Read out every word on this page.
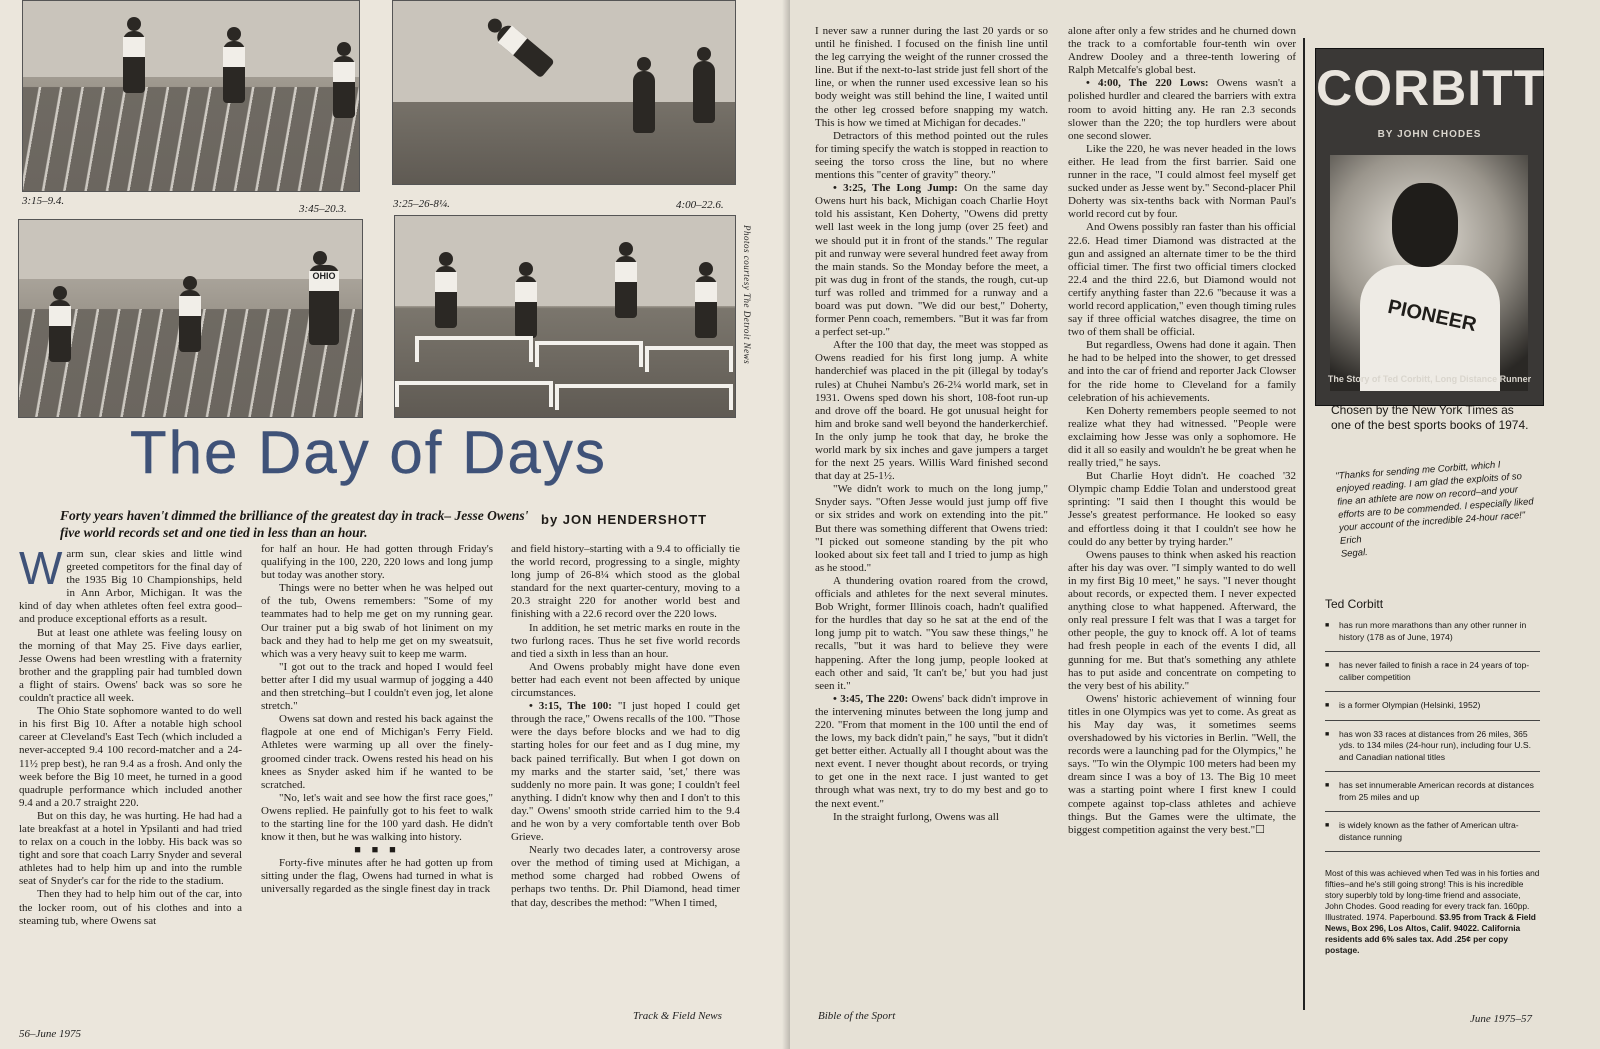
3:15–9.4.
3:45–20.3.	3:25–26-8¼.	4:00–22.6.
OHIO	Photos courtesy The Detroit News
The Day of Days
Forty years haven't dimmed the brilliance of the greatest day in track– Jesse Owens' five world records set and one tied in less than an hour.
by JON HENDERSHOTT

Warm sun, clear skies and little wind greeted competitors for the final day of the 1935 Big 10 Championships, held in Ann Arbor, Michigan. It was the kind of day when athletes often feel extra good–and produce exceptional efforts as a result.

But at least one athlete was feeling lousy on the morning of that May 25. Five days earlier, Jesse Owens had been wrestling with a fraternity brother and the grappling pair had tumbled down a flight of stairs. Owens' back was so sore he couldn't practice all week.

The Ohio State sophomore wanted to do well in his first Big 10. After a notable high school career at Cleveland's East Tech (which included a never-accepted 9.4 100 record-matcher and a 24-11½ prep best), he ran 9.4 as a frosh. And only the week before the Big 10 meet, he turned in a good quadruple performance which included another 9.4 and a 20.7 straight 220.

But on this day, he was hurting. He had had a late breakfast at a hotel in Ypsilanti and had tried to relax on a couch in the lobby. His back was so tight and sore that coach Larry Snyder and several athletes had to help him up and into the rumble seat of Snyder's car for the ride to the stadium.

Then they had to help him out of the car, into the locker room, out of his clothes and into a steaming tub, where Owens sat

for half an hour. He had gotten through Friday's qualifying in the 100, 220, 220 lows and long jump but today was another story.

Things were no better when he was helped out of the tub, Owens remembers: "Some of my teammates had to help me get on my running gear. Our trainer put a big swab of hot liniment on my back and they had to help me get on my sweatsuit, which was a very heavy suit to keep me warm.

"I got out to the track and hoped I would feel better after I did my usual warmup of jogging a 440 and then stretching–but I couldn't even jog, let alone stretch."

Owens sat down and rested his back against the flagpole at one end of Michigan's Ferry Field. Athletes were warming up all over the finely-groomed cinder track. Owens rested his head on his knees as Snyder asked him if he wanted to be scratched.

"No, let's wait and see how the first race goes," Owens replied. He painfully got to his feet to walk to the starting line for the 100 yard dash. He didn't know it then, but he was walking into history.

■ ■ ■

Forty-five minutes after he had gotten up from sitting under the flag, Owens had turned in what is universally regarded as the single finest day in track

and field history–starting with a 9.4 to officially tie the world record, progressing to a single, mighty long jump of 26-8¼ which stood as the global standard for the next quarter-century, moving to a 20.3 straight 220 for another world best and finishing with a 22.6 record over the 220 lows.

In addition, he set metric marks en route in the two furlong races. Thus he set five world records and tied a sixth in less than an hour.

And Owens probably might have done even better had each event not been affected by unique circumstances.

• 3:15, The 100: "I just hoped I could get through the race," Owens recalls of the 100. "Those were the days before blocks and we had to dig starting holes for our feet and as I dug mine, my back pained terrifically. But when I got down on my marks and the starter said, 'set,' there was suddenly no more pain. It was gone; I couldn't feel anything. I didn't know why then and I don't to this day." Owens' smooth stride carried him to the 9.4 and he won by a very comfortable tenth over Bob Grieve.

Nearly two decades later, a controversy arose over the method of timing used at Michigan, a method some charged had robbed Owens of perhaps two tenths. Dr. Phil Diamond, head timer that day, describes the method: "When I timed,

56–June 1975
Track & Field News

I never saw a runner during the last 20 yards or so until he finished. I focused on the finish line until the leg carrying the weight of the runner crossed the line. But if the next-to-last stride just fell short of the line, or when the runner used excessive lean so his body weight was still behind the line, I waited until the other leg crossed before snapping my watch. This is how we timed at Michigan for decades."

Detractors of this method pointed out the rules for timing specify the watch is stopped in reaction to seeing the torso cross the line, but no where mentions this "center of gravity" theory."

• 3:25, The Long Jump: On the same day Owens hurt his back, Michigan coach Charlie Hoyt told his assistant, Ken Doherty, "Owens did pretty well last week in the long jump (over 25 feet) and we should put it in front of the stands." The regular pit and runway were several hundred feet away from the main stands. So the Monday before the meet, a pit was dug in front of the stands, the rough, cut-up turf was rolled and trimmed for a runway and a board was put down. "We did our best," Doherty, former Penn coach, remembers. "But it was far from a perfect set-up."

After the 100 that day, the meet was stopped as Owens readied for his first long jump. A white handerchief was placed in the pit (illegal by today's rules) at Chuhei Nambu's 26-2¼ world mark, set in 1931. Owens sped down his short, 108-foot run-up and drove off the board. He got unusual height for him and broke sand well beyond the handerkerchief. In the only jump he took that day, he broke the world mark by six inches and gave jumpers a target for the next 25 years. Willis Ward finished second that day at 25-1½.

"We didn't work to much on the long jump," Snyder says. "Often Jesse would just jump off five or six strides and work on extending into the pit." But there was something different that Owens tried: "I picked out someone standing by the pit who looked about six feet tall and I tried to jump as high as he stood."

A thundering ovation roared from the crowd, officials and athletes for the next several minutes. Bob Wright, former Illinois coach, hadn't qualified for the hurdles that day so he sat at the end of the long jump pit to watch. "You saw these things," he recalls, "but it was hard to believe they were happening. After the long jump, people looked at each other and said, 'It can't be,' but you had just seen it."

• 3:45, The 220: Owens' back didn't improve in the intervening minutes between the long jump and 220. "From that moment in the 100 until the end of the lows, my back didn't pain," he says, "but it didn't get better either. Actually all I thought about was the next event. I never thought about records, or trying to get one in the next race. I just wanted to get through what was next, try to do my best and go to the next event."

In the straight furlong, Owens was all

alone after only a few strides and he churned down the track to a comfortable four-tenth win over Andrew Dooley and a three-tenth lowering of Ralph Metcalfe's global best.

• 4:00, The 220 Lows: Owens wasn't a polished hurdler and cleared the barriers with extra room to avoid hitting any. He ran 2.3 seconds slower than the 220; the top hurdlers were about one second slower.

Like the 220, he was never headed in the lows either. He lead from the first barrier. Said one runner in the race, "I could almost feel myself get sucked under as Jesse went by." Second-placer Phil Doherty was six-tenths back with Norman Paul's world record cut by four.

And Owens possibly ran faster than his official 22.6. Head timer Diamond was distracted at the gun and assigned an alternate timer to be the third official timer. The first two official timers clocked 22.4 and the third 22.6, but Diamond would not certify anything faster than 22.6 "because it was a world record application," even though timing rules say if three official watches disagree, the time on two of them shall be official.

But regardless, Owens had done it again. Then he had to be helped into the shower, to get dressed and into the car of friend and reporter Jack Clowser for the ride home to Cleveland for a family celebration of his achievements.

Ken Doherty remembers people seemed to not realize what they had witnessed. "People were exclaiming how Jesse was only a sophomore. He did it all so easily and wouldn't he be great when he really tried," he says.

But Charlie Hoyt didn't. He coached '32 Olympic champ Eddie Tolan and understood great sprinting: "I said then I thought this would be Jesse's greatest performance. He looked so easy and effortless doing it that I couldn't see how he could do any better by trying harder."

Owens pauses to think when asked his reaction after his day was over. "I simply wanted to do well in my first Big 10 meet," he says. "I never thought about records, or expected them. I never expected anything close to what happened. Afterward, the only real pressure I felt was that I was a target for other people, the guy to knock off. A lot of teams had fresh people in each of the events I did, all gunning for me. But that's something any athlete has to put aside and concentrate on competing to the very best of his ability."

Owens' historic achievement of winning four titles in one Olympics was yet to come. As great as his May day was, it sometimes seems overshadowed by his victories in Berlin. "Well, the records were a launching pad for the Olympics," he says. "To win the Olympic 100 meters had been my dream since I was a boy of 13. The Big 10 meet was a starting point where I first knew I could compete against top-class athletes and achieve things. But the Games were the ultimate, the biggest competition against the very best."☐

Bible of the Sport	June 1975–57
CORBITT
BY JOHN CHODES
PIONEER
The Story of Ted Corbitt, Long Distance Runner
Chosen by the New York Times as one of the best sports books of 1974.
"Thanks for sending me Corbitt, which I enjoyed reading. I am glad the exploits of so fine an athlete are now on record–and your efforts are to be commended. I especially liked your account of the incredible 24-hour race!" Erich
Segal.
Ted Corbitt
■ has run more marathons than any other runner in history (178 as of June, 1974)
■ has never failed to finish a race in 24 years of top-caliber competition
■ is a former Olympian (Helsinki, 1952)
■ has won 33 races at distances from 26 miles, 365 yds. to 134 miles (24-hour run), including four U.S. and Canadian national titles
■ has set innumerable American records at distances from 25 miles and up
■ is widely known as the father of American ultra-distance running
Most of this was achieved when Ted was in his forties and fifties–and he's still going strong! This is his incredible story superbly told by long-time friend and associate, John Chodes. Good reading for every track fan. 160pp. Illustrated. 1974. Paperbound. $3.95 from Track & Field News, Box 296, Los Altos, Calif. 94022. California residents add 6% sales tax. Add .25¢ per copy postage.
